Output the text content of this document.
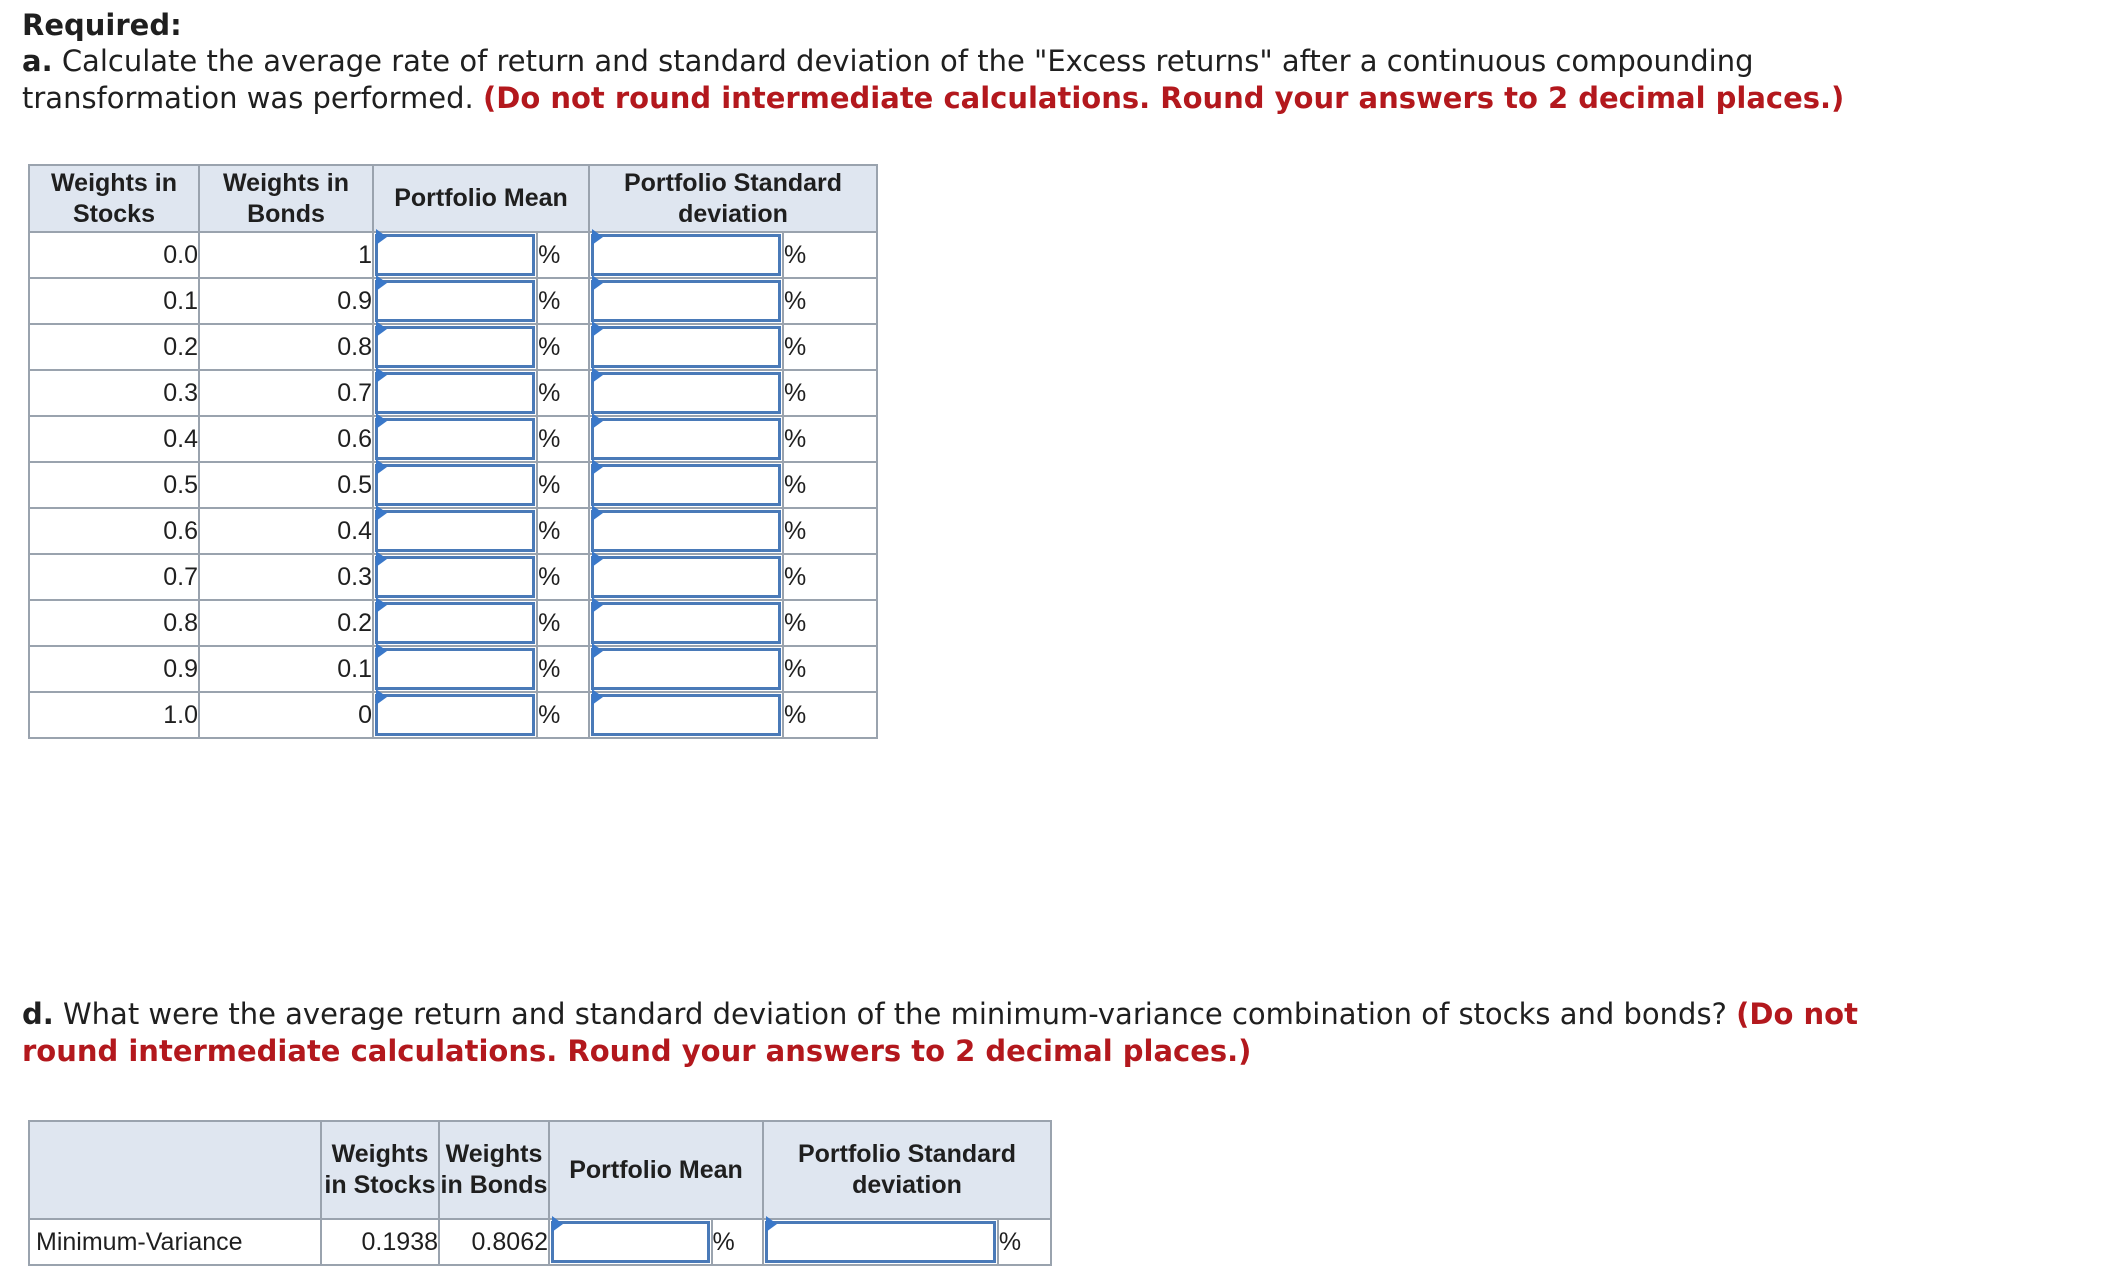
Required:
a. Calculate the average rate of return and standard deviation of the "Excess returns" after a continuous compounding transformation was performed. (Do not round intermediate calculations. Round your answers to 2 decimal places.)
Weights in Stocks	Weights in Bonds	Portfolio Mean		Portfolio Standard deviation	
0.0	1		%		%
0.1	0.9		%		%
0.2	0.8		%		%
0.3	0.7		%		%
0.4	0.6		%		%
0.5	0.5		%		%
0.6	0.4		%		%
0.7	0.3		%		%
0.8	0.2		%		%
0.9	0.1		%		%
1.0	0		%		%
d. What were the average return and standard deviation of the minimum-variance combination of stocks and bonds? (Do not round intermediate calculations. Round your answers to 2 decimal places.)
	Weights in Stocks	Weights in Bonds	Portfolio Mean		Portfolio Standard deviation	
Minimum-Variance	0.1938	0.8062		%		%
